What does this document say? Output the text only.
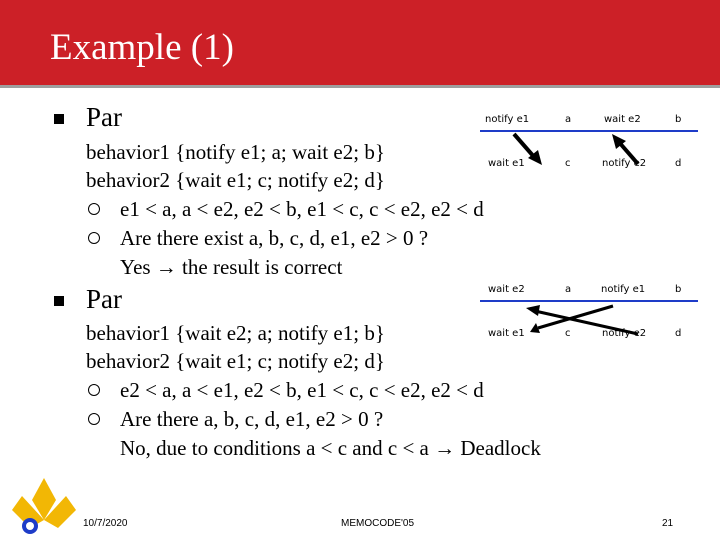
Example (1)
Par
behavior1 {notify e1; a; wait e2; b}
behavior2 {wait e1; c; notify e2; d}
e1 < a, a < e2, e2 < b, e1 < c, c < e2, e2 < d
Are there exist a, b, c, d, e1, e2 > 0 ?
Yes → the result is correct
Par
behavior1 {wait e2; a; notify e1; b}
behavior2 {wait e1; c; notify e2; d}
e2 < a, a < e1, e2 < b, e1 < c, c < e2, e2 < d
Are there a, b, c, d, e1, e2 > 0 ?
No, due to conditions a < c and c < a → Deadlock
notify e1	a	wait e2	b
wait e1	c	notify e2	d
wait e2	a	notify e1	b
wait e1	c	notify e2	d
10/7/2020	MEMOCODE'05	21
